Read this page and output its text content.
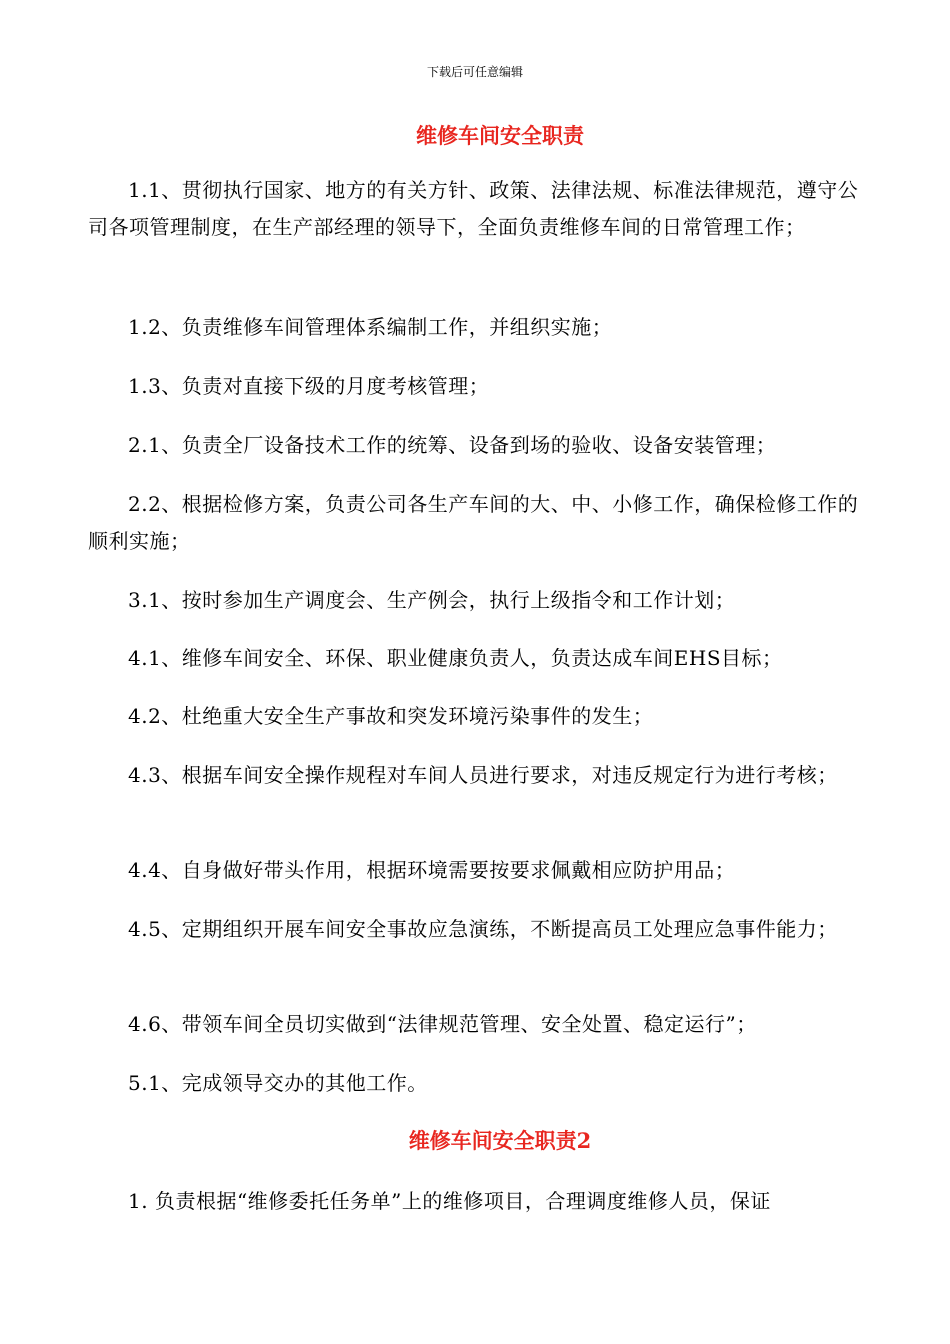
下载后可任意编辑
维修车间安全职责

1.1、贯彻执行国家、地方的有关方针、政策、法律法规、标准法律规范，遵守公司各项管理制度，在生产部经理的领导下，全面负责维修车间的日常管理工作；

1.2、负责维修车间管理体系编制工作，并组织实施；

1.3、负责对直接下级的月度考核管理；

2.1、负责全厂设备技术工作的统筹、设备到场的验收、设备安装管理；

2.2、根据检修方案，负责公司各生产车间的大、中、小修工作，确保检修工作的顺利实施；

3.1、按时参加生产调度会、生产例会，执行上级指令和工作计划；

4.1、维修车间安全、环保、职业健康负责人，负责达成车间EHS目标；

4.2、杜绝重大安全生产事故和突发环境污染事件的发生；

4.3、根据车间安全操作规程对车间人员进行要求，对违反规定行为进行考核；

4.4、自身做好带头作用，根据环境需要按要求佩戴相应防护用品；

4.5、定期组织开展车间安全事故应急演练，不断提高员工处理应急事件能力；

4.6、带领车间全员切实做到“法律规范管理、安全处置、稳定运行”；

5.1、完成领导交办的其他工作。

维修车间安全职责2

1. 负责根据“维修委托任务单”上的维修项目，合理调度维修人员，保证
